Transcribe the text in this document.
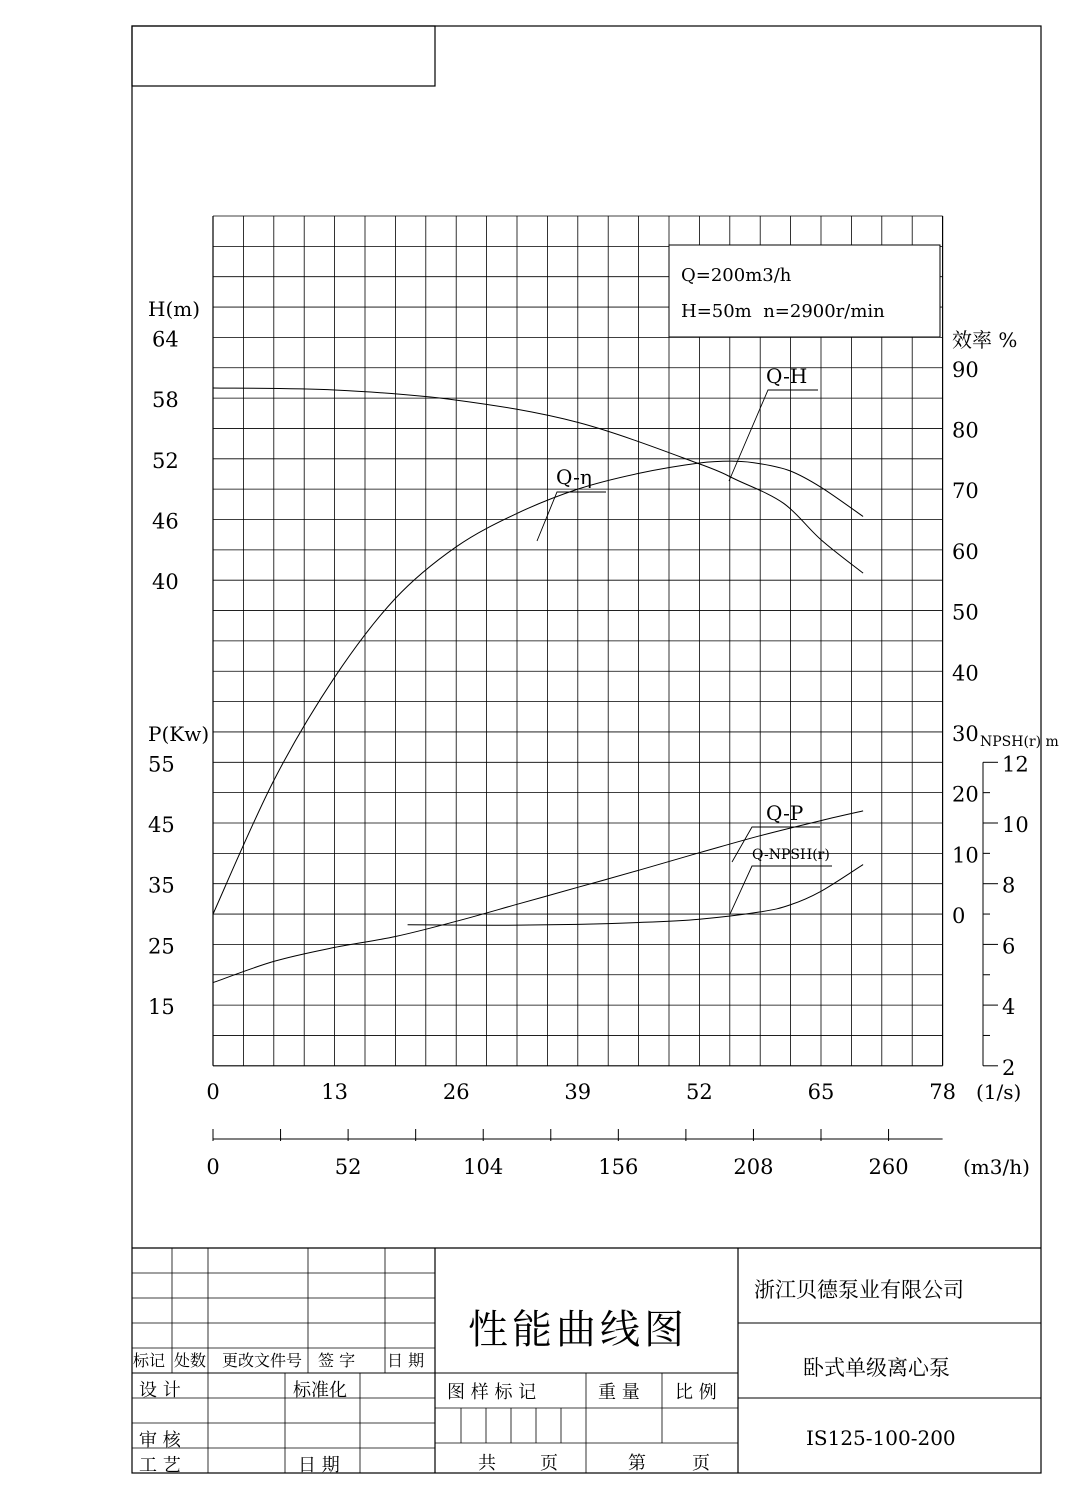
Q=200m3/h
H=50m  n=2900r/min
H(m)
P(Kw)
效率 %
NPSH(r) m
(1/s)
(m3/h)
64
58
52
46
40
55
45
35
25
15
90
80
70
60
50
40
30
20
10
0
12
10
8
6
4
2
0	13	26	39	52	65	78
0	52	104	156	208	260
Q-H
Q-η
Q-P
Q-NPSH(r)
标记 处数 更改文件号 签 字 日 期
设 计	标准化
审 核
工 艺	日 期
性能曲线图
图 样 标 记	重 量 比 例
共 页	第	页
浙江贝德泵业有限公司
卧式单级离心泵
IS125-100-200
